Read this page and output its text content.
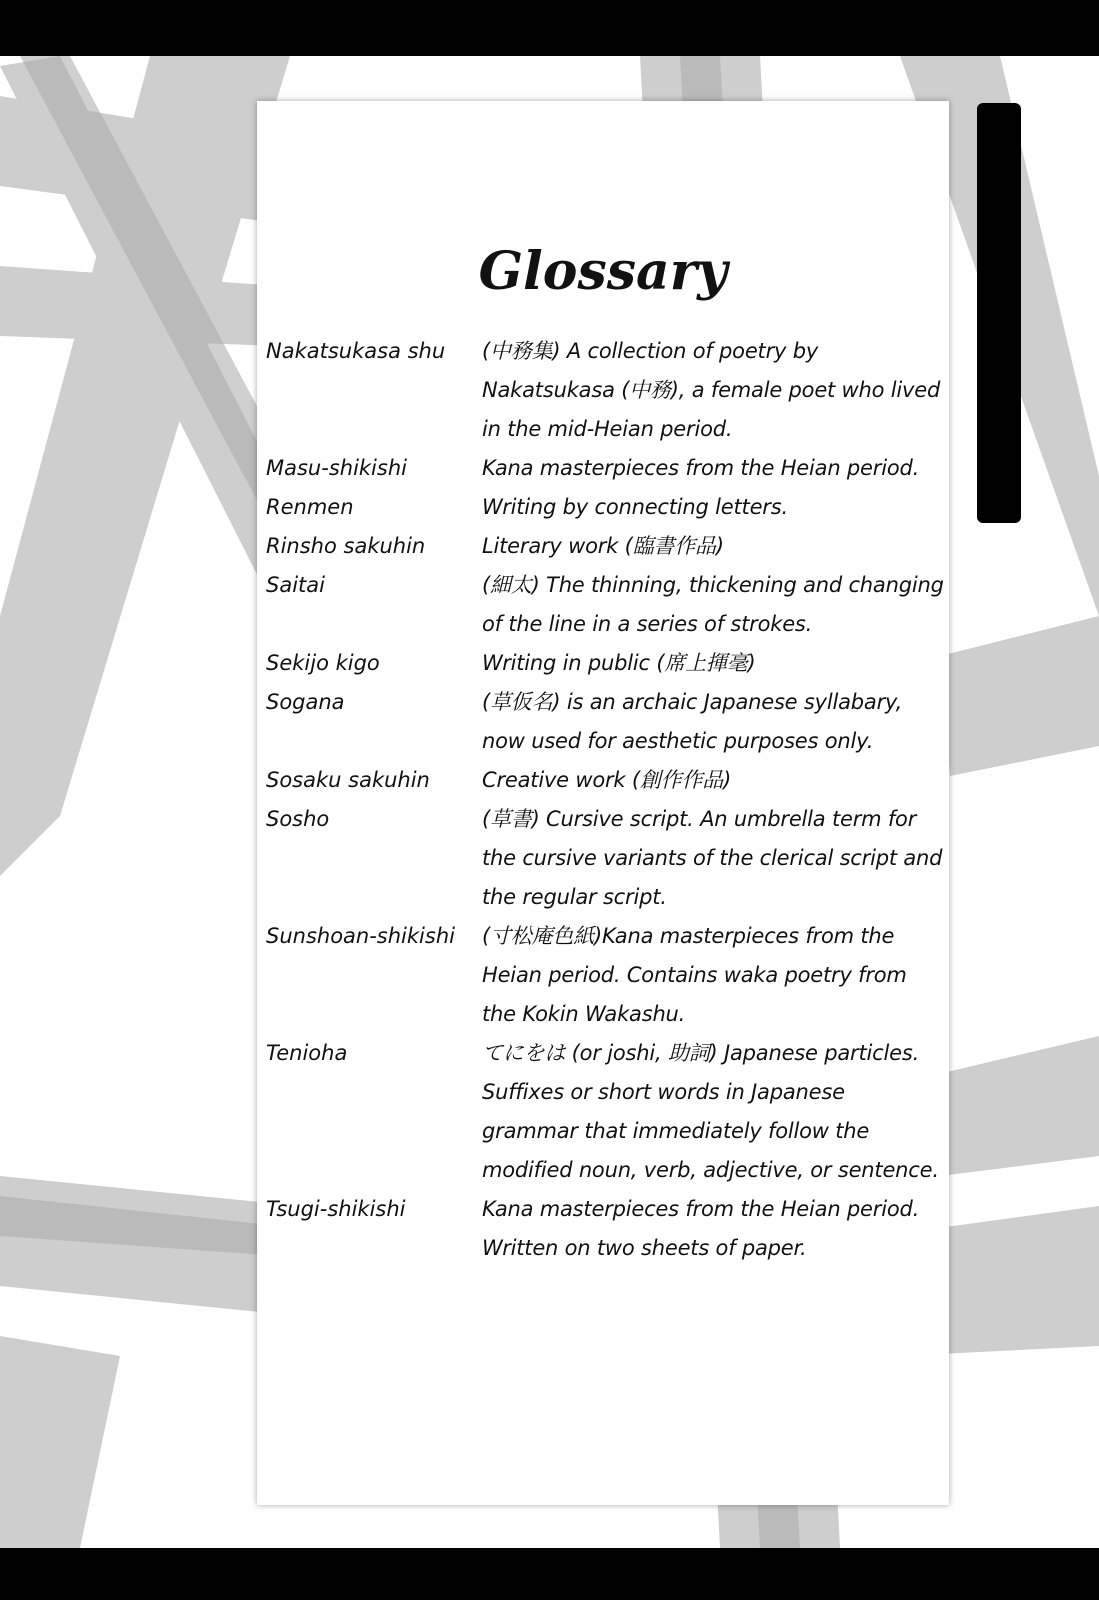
Glossary
Nakatsukasa shu	(中務集) A collection of poetry by Nakatsukasa (中務), a female poet who lived in the mid-Heian period.
Masu-shikishi	Kana masterpieces from the Heian period.
Renmen	Writing by connecting letters.
Rinsho sakuhin	Literary work (臨書作品)
Saitai	(細太) The thinning, thickening and changing of the line in a series of strokes.
Sekijo kigo	Writing in public (席上揮毫)
Sogana	(草仮名) is an archaic Japanese syllabary, now used for aesthetic purposes only.
Sosaku sakuhin	Creative work (創作作品)
Sosho	(草書) Cursive script. An umbrella term for the cursive variants of the clerical script and the regular script.
Sunshoan-shikishi	(寸松庵色紙)Kana masterpieces from the Heian period. Contains waka poetry from the Kokin Wakashu.
Tenioha	てにをは (or joshi, 助詞) Japanese particles. Suffixes or short words in Japanese grammar that immediately follow the modified noun, verb, adjective, or sentence.
Tsugi-shikishi	Kana masterpieces from the Heian period. Written on two sheets of paper.
